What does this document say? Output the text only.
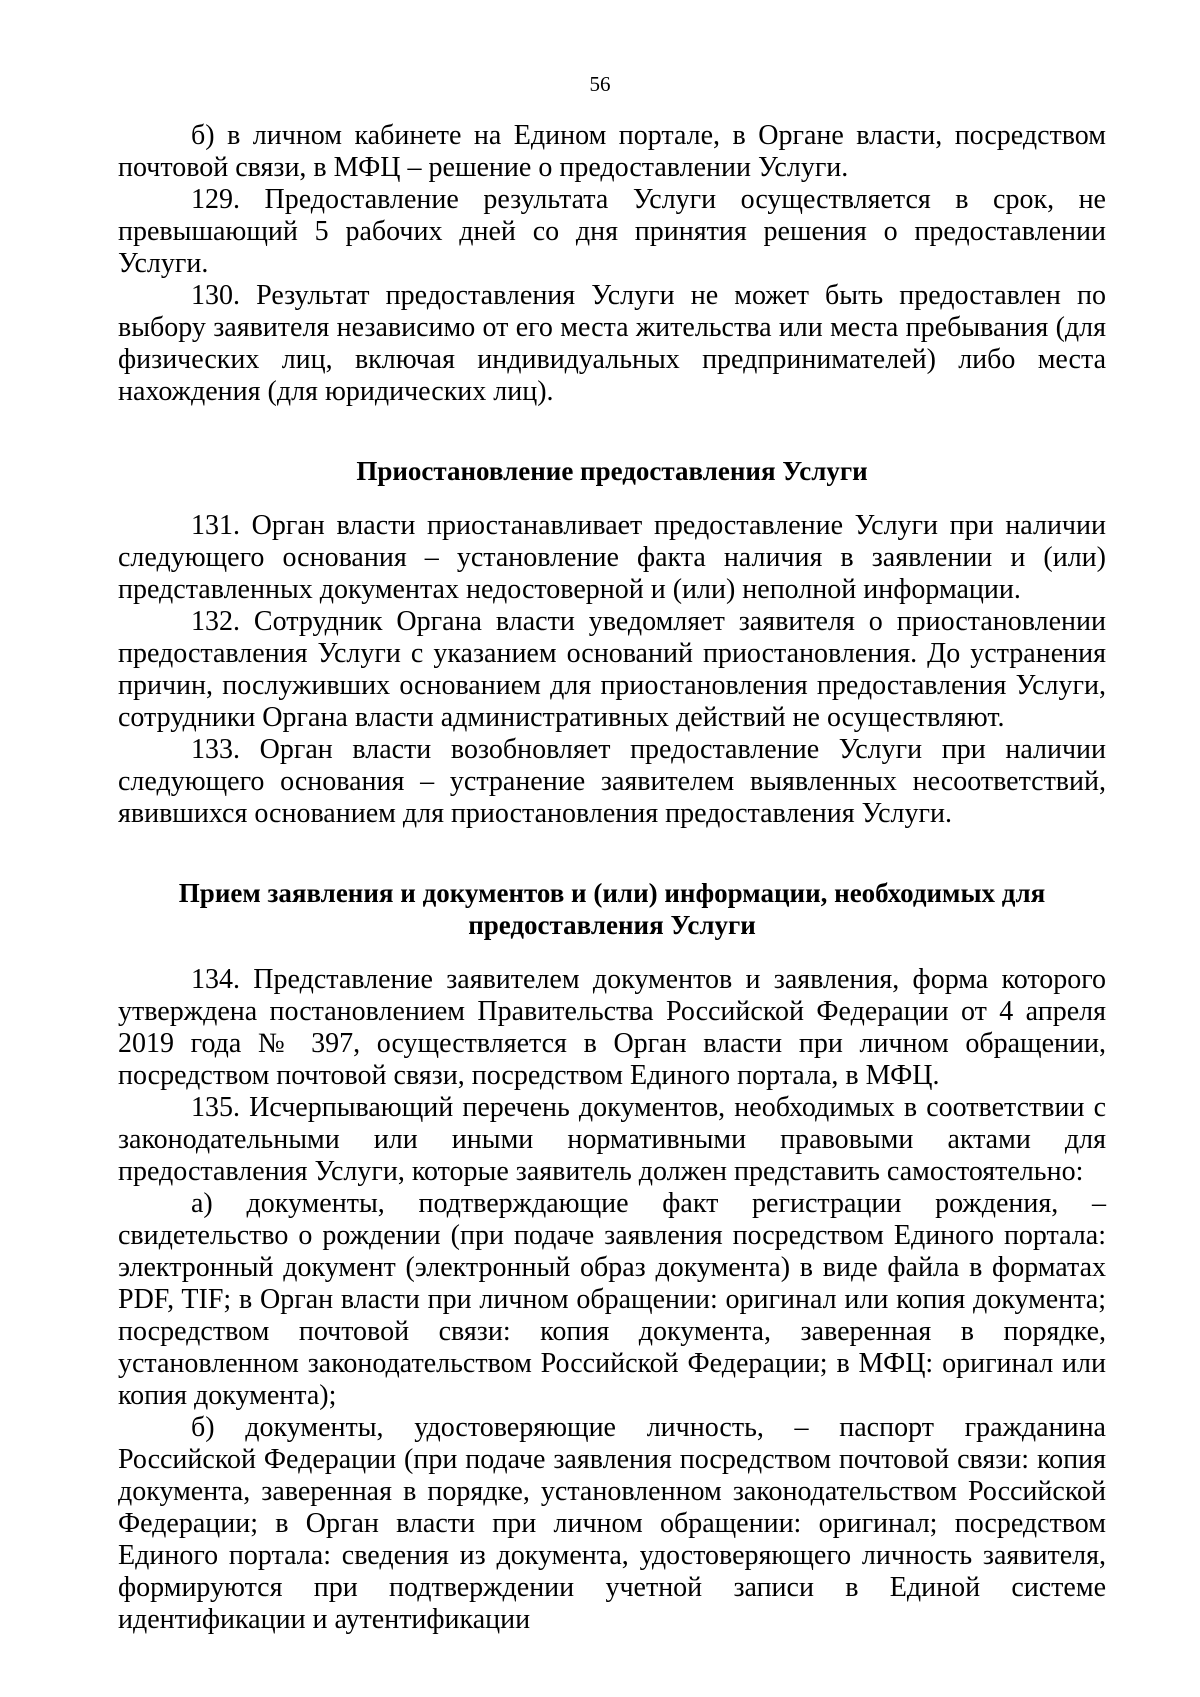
56

б) в личном кабинете на Едином портале, в Органе власти, посредством почтовой связи, в МФЦ – решение о предоставлении Услуги.

129. Предоставление результата Услуги осуществляется в срок, не превышающий 5 рабочих дней со дня принятия решения о предоставлении Услуги.

130. Результат предоставления Услуги не может быть предоставлен по выбору заявителя независимо от его места жительства или места пребывания (для физических лиц, включая индивидуальных предпринимателей) либо места нахождения (для юридических лиц).

Приостановление предоставления Услуги

131. Орган власти приостанавливает предоставление Услуги при наличии следующего основания – установление факта наличия в заявлении и (или) представленных документах недостоверной и (или) неполной информации.

132. Сотрудник Органа власти уведомляет заявителя о приостановлении предоставления Услуги с указанием оснований приостановления. До устранения причин, послуживших основанием для приостановления предоставления Услуги, сотрудники Органа власти административных действий не осуществляют.

133. Орган власти возобновляет предоставление Услуги при наличии следующего основания – устранение заявителем выявленных несоответствий, явившихся основанием для приостановления предоставления Услуги.

Прием заявления и документов и (или) информации, необходимых для предоставления Услуги

134. Представление заявителем документов и заявления, форма которого утверждена постановлением Правительства Российской Федерации от 4 апреля 2019 года № 397, осуществляется в Орган власти при личном обращении, посредством почтовой связи, посредством Единого портала, в МФЦ.

135. Исчерпывающий перечень документов, необходимых в соответствии с законодательными или иными нормативными правовыми актами для предоставления Услуги, которые заявитель должен представить самостоятельно:

а) документы, подтверждающие факт регистрации рождения, – свидетельство о рождении (при подаче заявления посредством Единого портала: электронный документ (электронный образ документа) в виде файла в форматах PDF, TIF; в Орган власти при личном обращении: оригинал или копия документа; посредством почтовой связи: копия документа, заверенная в порядке, установленном законодательством Российской Федерации; в МФЦ: оригинал или копия документа);

б) документы, удостоверяющие личность, – паспорт гражданина Российской Федерации (при подаче заявления посредством почтовой связи: копия документа, заверенная в порядке, установленном законодательством Российской Федерации; в Орган власти при личном обращении: оригинал; посредством Единого портала: сведения из документа, удостоверяющего личность заявителя, формируются при подтверждении учетной записи в Единой системе идентификации и аутентификации
